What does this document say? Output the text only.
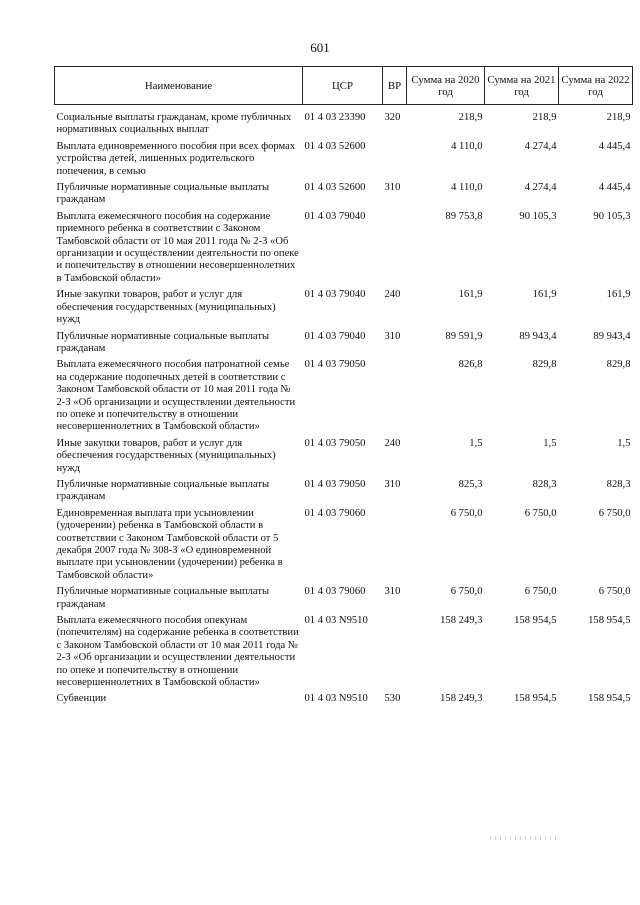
601
Наименование	ЦСР	ВР	Сумма на 2020 год	Сумма на 2021 год	Сумма на 2022 год
Социальные выплаты гражданам, кроме публичных нормативных социальных выплат	01 4 03 23390	320	218,9	218,9	218,9
Выплата единовременного пособия при всех формах устройства детей, лишенных родительского попечения, в семью	01 4 03 52600		4 110,0	4 274,4	4 445,4
Публичные нормативные социальные выплаты гражданам	01 4 03 52600	310	4 110,0	4 274,4	4 445,4
Выплата ежемесячного пособия на содержание приемного ребенка в соответствии с Законом Тамбовской области от 10 мая 2011 года № 2-З «Об организации и осуществлении деятельности по опеке и попечительству в отношении несовершеннолетних в Тамбовской области»	01 4 03 79040		89 753,8	90 105,3	90 105,3
Иные закупки товаров, работ и услуг для обеспечения государственных (муниципальных) нужд	01 4 03 79040	240	161,9	161,9	161,9
Публичные нормативные социальные выплаты гражданам	01 4 03 79040	310	89 591,9	89 943,4	89 943,4
Выплата ежемесячного пособия патронатной семье на содержание подопечных детей в соответствии с Законом Тамбовской области от 10 мая 2011 года № 2-З «Об организации и осуществлении деятельности по опеке и попечительству в отношении несовершеннолетних в Тамбовской области»	01 4 03 79050		826,8	829,8	829,8
Иные закупки товаров, работ и услуг для обеспечения государственных (муниципальных) нужд	01 4 03 79050	240	1,5	1,5	1,5
Публичные нормативные социальные выплаты гражданам	01 4 03 79050	310	825,3	828,3	828,3
Единовременная выплата при усыновлении (удочерении) ребенка в Тамбовской области в соответствии с Законом Тамбовской области от 5 декабря 2007 года № 308-З «О единовременной выплате при усыновлении (удочерении) ребенка в Тамбовской области»	01 4 03 79060		6 750,0	6 750,0	6 750,0
Публичные нормативные социальные выплаты гражданам	01 4 03 79060	310	6 750,0	6 750,0	6 750,0
Выплата ежемесячного пособия опекунам (попечителям) на содержание ребенка в соответствии с Законом Тамбовской области от 10 мая 2011 года № 2-З «Об организации и осуществлении деятельности по опеке и попечительству в отношении несовершеннолетних в Тамбовской области»	01 4 03 N9510		158 249,3	158 954,5	158 954,5
Субвенции	01 4 03 N9510	530	158 249,3	158 954,5	158 954,5
